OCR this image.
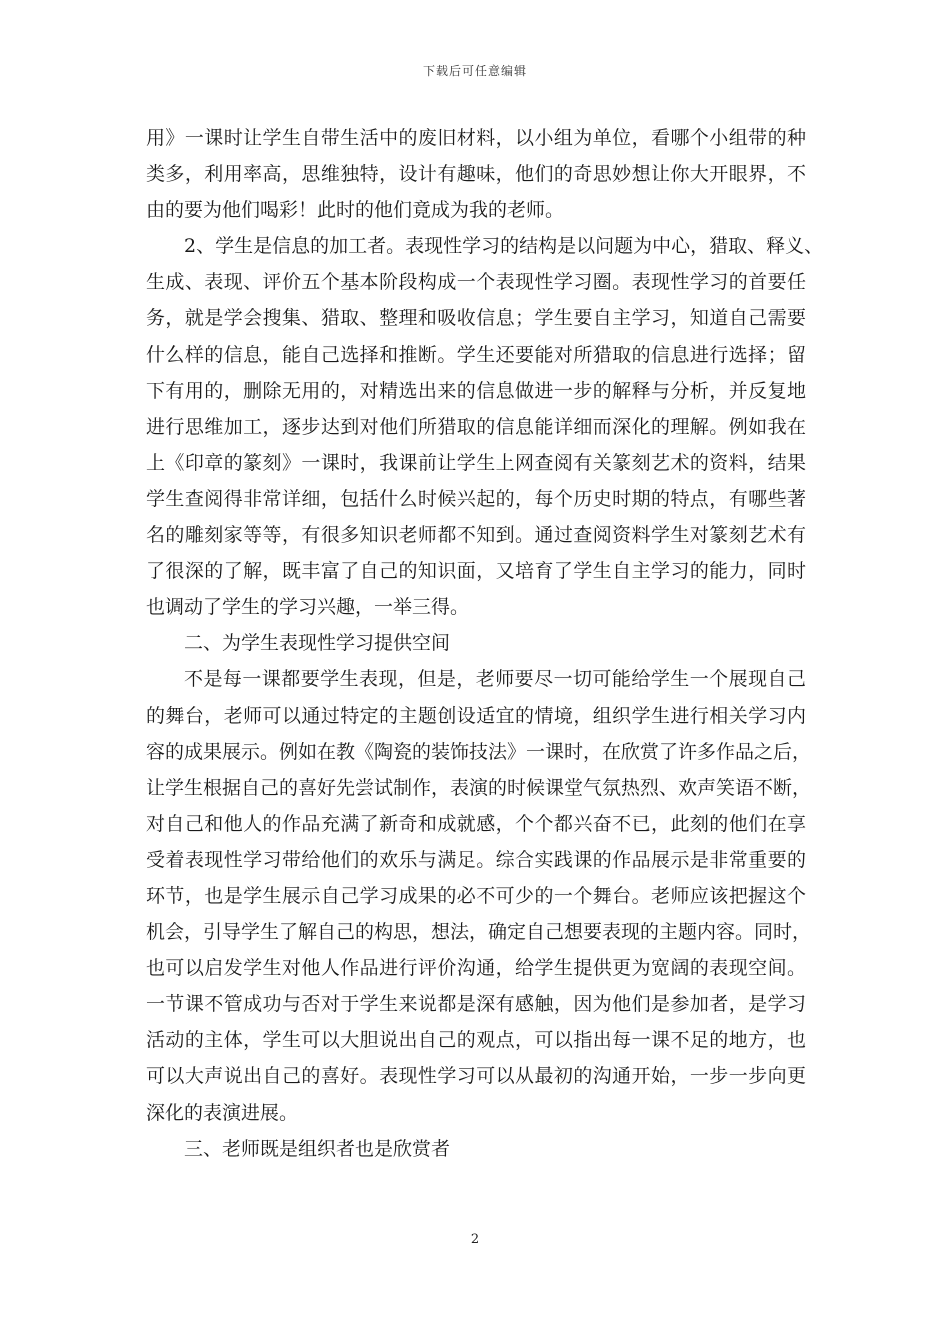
下载后可任意编辑
用》一课时让学生自带生活中的废旧材料，以小组为单位，看哪个小组带的种
类多，利用率高，思维独特，设计有趣味，他们的奇思妙想让你大开眼界，不
由的要为他们喝彩！此时的他们竟成为我的老师。
2、学生是信息的加工者。表现性学习的结构是以问题为中心，猎取、释义、
生成、表现、评价五个基本阶段构成一个表现性学习圈。表现性学习的首要任
务，就是学会搜集、猎取、整理和吸收信息；学生要自主学习，知道自己需要
什么样的信息，能自己选择和推断。学生还要能对所猎取的信息进行选择；留
下有用的，删除无用的，对精选出来的信息做进一步的解释与分析，并反复地
进行思维加工，逐步达到对他们所猎取的信息能详细而深化的理解。例如我在
上《印章的篆刻》一课时，我课前让学生上网查阅有关篆刻艺术的资料，结果
学生查阅得非常详细，包括什么时候兴起的，每个历史时期的特点，有哪些著
名的雕刻家等等，有很多知识老师都不知到。通过查阅资料学生对篆刻艺术有
了很深的了解，既丰富了自己的知识面，又培育了学生自主学习的能力，同时
也调动了学生的学习兴趣，一举三得。
二、为学生表现性学习提供空间
不是每一课都要学生表现，但是，老师要尽一切可能给学生一个展现自己
的舞台，老师可以通过特定的主题创设适宜的情境，组织学生进行相关学习内
容的成果展示。例如在教《陶瓷的装饰技法》一课时，在欣赏了许多作品之后，
让学生根据自己的喜好先尝试制作，表演的时候课堂气氛热烈、欢声笑语不断，
对自己和他人的作品充满了新奇和成就感，个个都兴奋不已，此刻的他们在享
受着表现性学习带给他们的欢乐与满足。综合实践课的作品展示是非常重要的
环节，也是学生展示自己学习成果的必不可少的一个舞台。老师应该把握这个
机会，引导学生了解自己的构思，想法，确定自己想要表现的主题内容。同时，
也可以启发学生对他人作品进行评价沟通，给学生提供更为宽阔的表现空间。
一节课不管成功与否对于学生来说都是深有感触，因为他们是参加者，是学习
活动的主体，学生可以大胆说出自己的观点，可以指出每一课不足的地方，也
可以大声说出自己的喜好。表现性学习可以从最初的沟通开始，一步一步向更
深化的表演进展。
三、老师既是组织者也是欣赏者
2
